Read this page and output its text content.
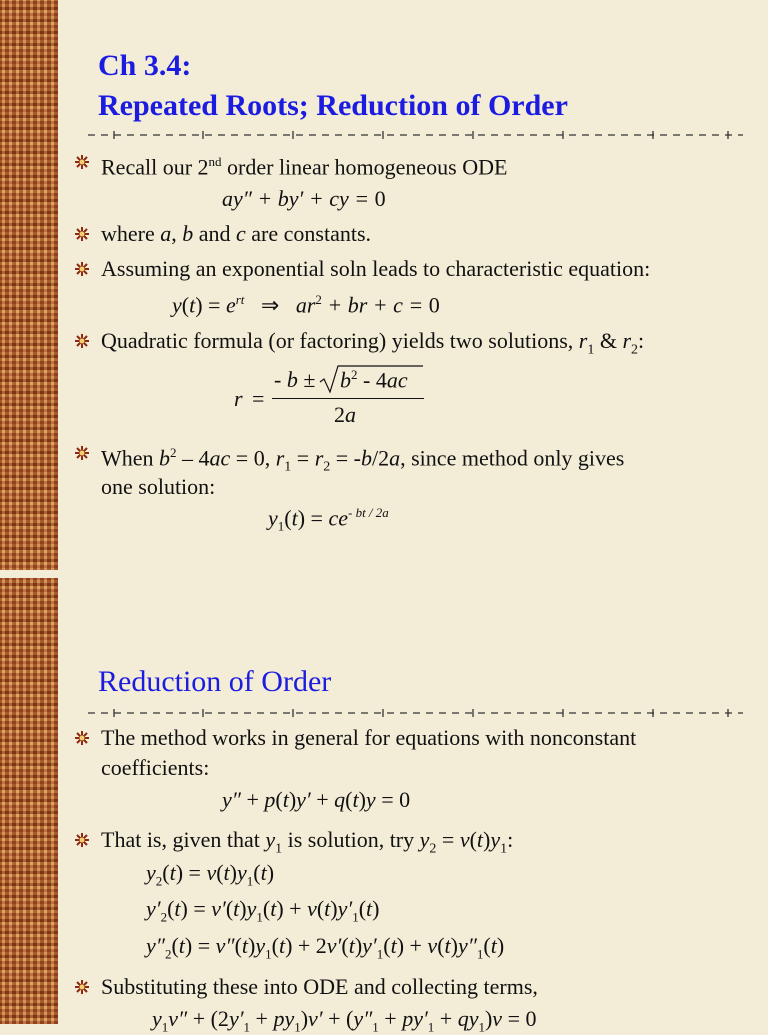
Ch 3.4:
Repeated Roots; Reduction of Order
Recall our 2nd order linear homogeneous ODE
ay″ + by′ + cy = 0
where a, b and c are constants.
Assuming an exponential soln leads to characteristic equation:
$y(t) = e^{rt}$ ⇒   $ar^2$ + br + c = 0
Quadratic formula (or factoring) yields two solutions, $r_1$ & $r_2$:
r =
- $b \pm b^2 - 4ac$
2a
When $b^2 - 4ac = 0$, $r_1 = r_2 = -b/2a$, since method only gives
one solution:
$y_1(t) = ce^{- bt / 2a}$
Reduction of Order
The method works in general for equations with nonconstant
coefficients:
y″ + p(t)y′ + q(t)y = 0
That is, given that $y_1$ is solution, try $y_2 = v(t)y_1$:
$y_2(t) = v(t)y_1(t)$
$y'_2(t) = v'(t)y_1(t) + v(t)y'_1(t)$
$y''_2(t) = v''(t)y_1(t) + 2v'(t)y'_1(t) + v(t)y''_1(t)$
Substituting these into ODE and collecting terms,
$y_1v'' + (2y'_1 + py_1)v' + (y''_1 + py'_1 + qy_1)v = 0$
